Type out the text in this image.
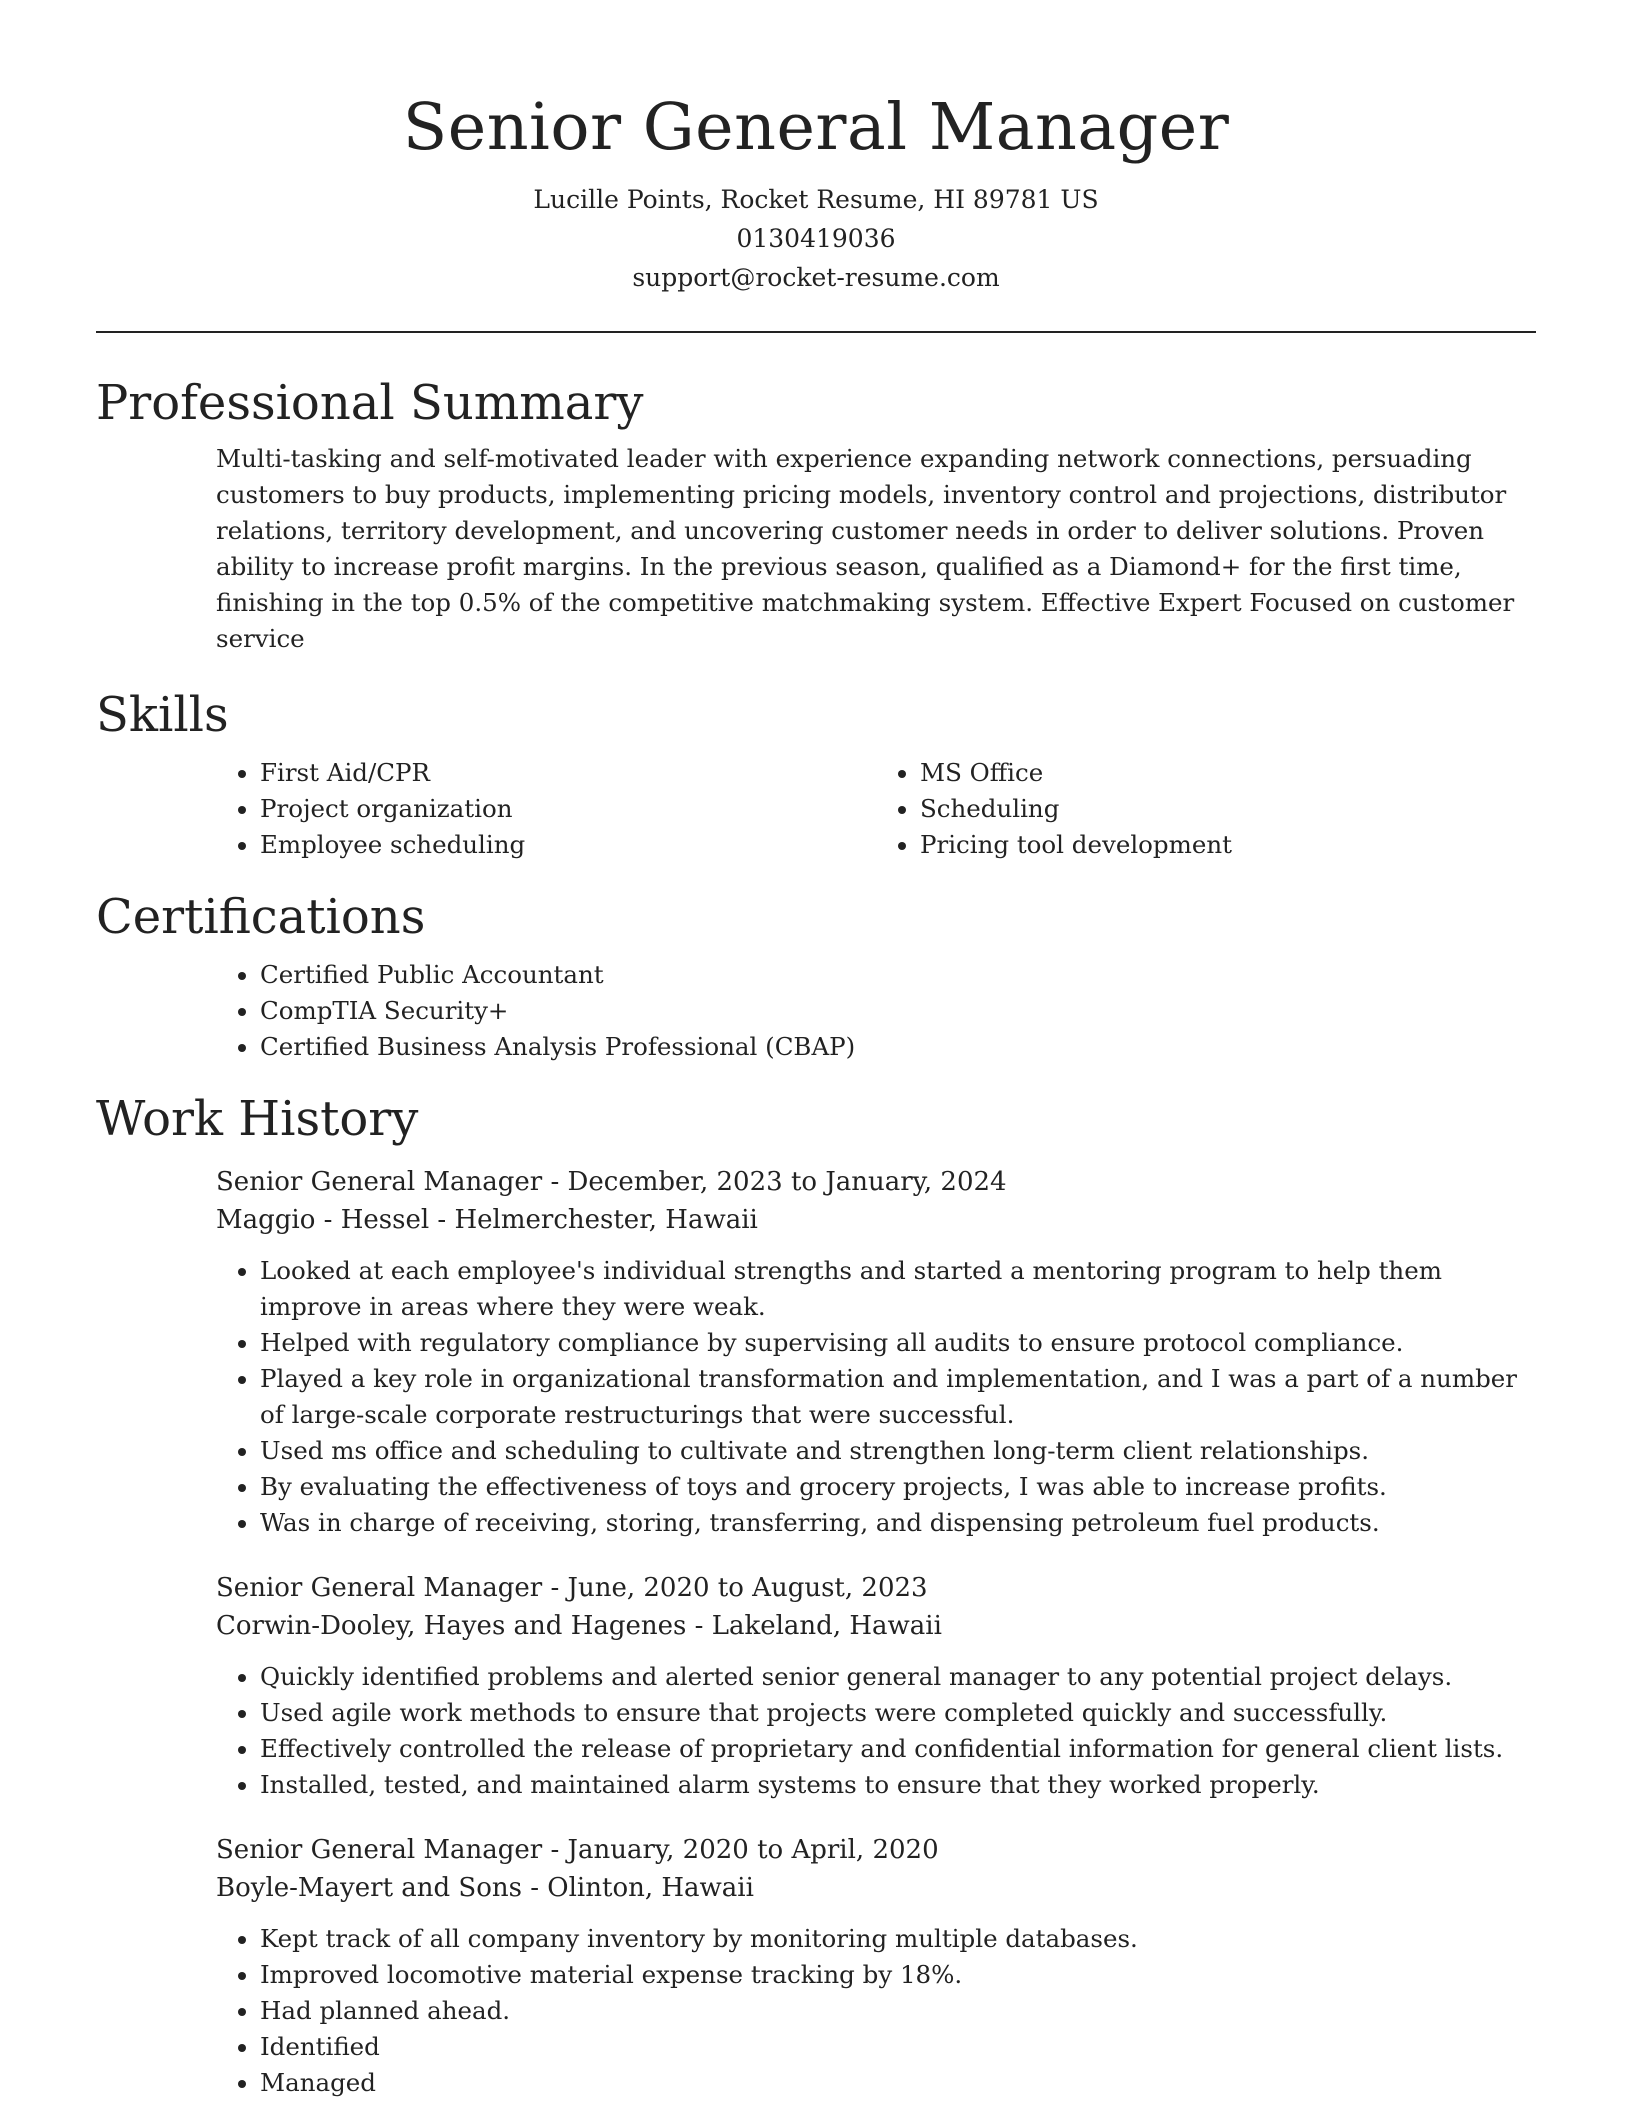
Senior General Manager
Lucille Points, Rocket Resume, HI 89781 US
0130419036
support@rocket-resume.com
Professional Summary

Multi-tasking and self-motivated leader with experience expanding network connections, persuading customers to buy products, implementing pricing models, inventory control and projections, distributor relations, territory development, and uncovering customer needs in order to deliver solutions. Proven ability to increase profit margins. In the previous season, qualified as a Diamond+ for the first time, finishing in the top 0.5% of the competitive matchmaking system. Effective Expert Focused on customer service

Skills
• First Aid/CPR
• Project organization
• Employee scheduling
• MS Office
• Scheduling
• Pricing tool development
Certifications
• Certified Public Accountant
• CompTIA Security+
• Certified Business Analysis Professional (CBAP)
Work History
Senior General Manager - December, 2023 to January, 2024
Maggio - Hessel - Helmerchester, Hawaii
• Looked at each employee's individual strengths and started a mentoring program to help them improve in areas where they were weak.
• Helped with regulatory compliance by supervising all audits to ensure protocol compliance.
• Played a key role in organizational transformation and implementation, and I was a part of a number of large-scale corporate restructurings that were successful.
• Used ms office and scheduling to cultivate and strengthen long-term client relationships.
• By evaluating the effectiveness of toys and grocery projects, I was able to increase profits.
• Was in charge of receiving, storing, transferring, and dispensing petroleum fuel products.
Senior General Manager - June, 2020 to August, 2023
Corwin-Dooley, Hayes and Hagenes - Lakeland, Hawaii
• Quickly identified problems and alerted senior general manager to any potential project delays.
• Used agile work methods to ensure that projects were completed quickly and successfully.
• Effectively controlled the release of proprietary and confidential information for general client lists.
• Installed, tested, and maintained alarm systems to ensure that they worked properly.
Senior General Manager - January, 2020 to April, 2020
Boyle-Mayert and Sons - Olinton, Hawaii
• Kept track of all company inventory by monitoring multiple databases.
• Improved locomotive material expense tracking by 18%.
• Had planned ahead.
• Identified
• Managed
